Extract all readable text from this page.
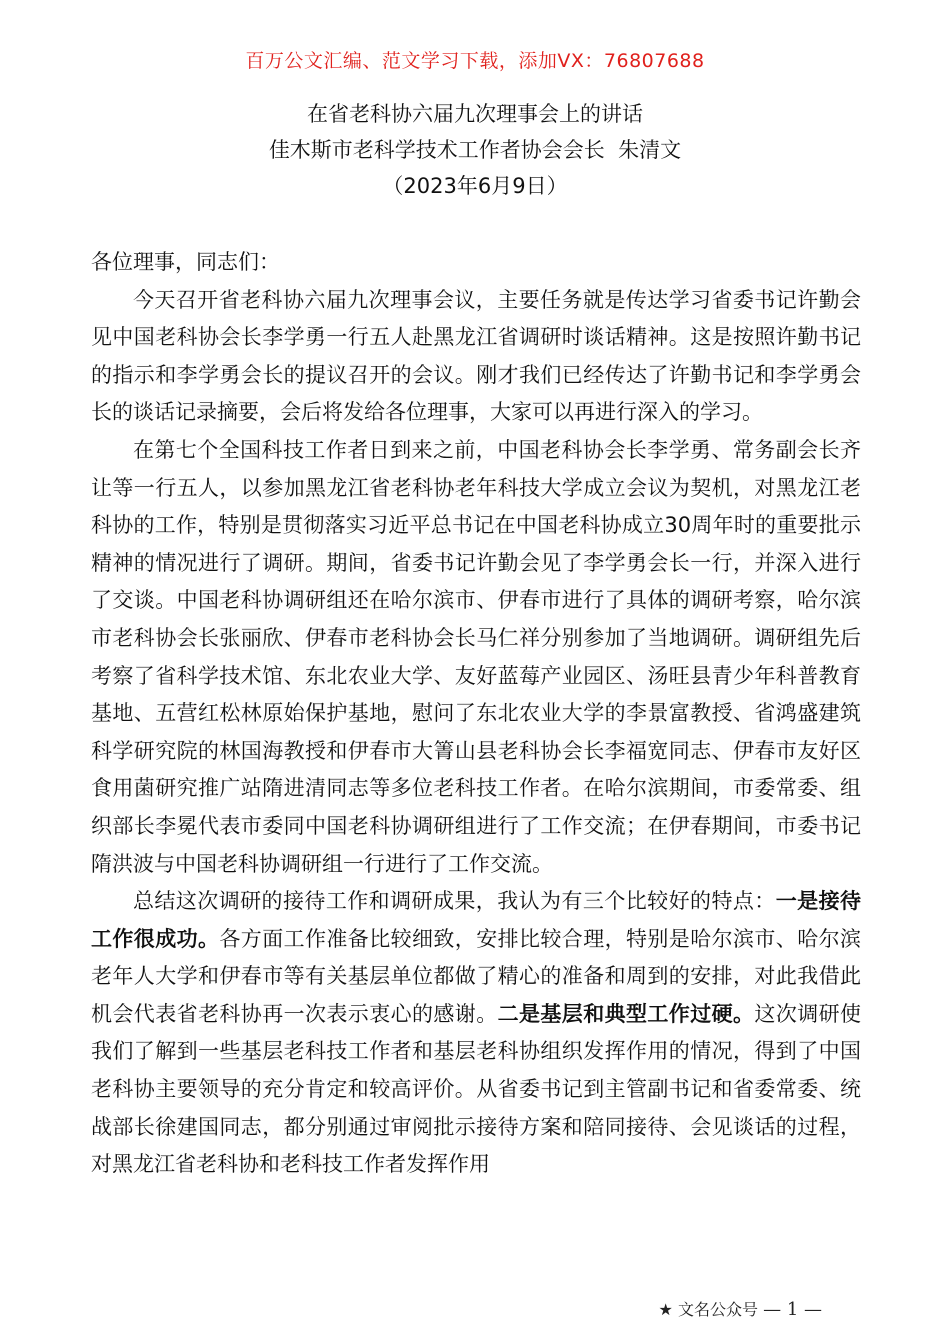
百万公文汇编、范文学习下载，添加VX：76807688
在省老科协六届九次理事会上的讲话
佳木斯市老科学技术工作者协会会长  朱清文
（2023年6月9日）

各位理事，同志们：

今天召开省老科协六届九次理事会议，主要任务就是传达学习省委书记许勤会见中国老科协会长李学勇一行五人赴黑龙江省调研时谈话精神。这是按照许勤书记的指示和李学勇会长的提议召开的会议。刚才我们已经传达了许勤书记和李学勇会长的谈话记录摘要，会后将发给各位理事，大家可以再进行深入的学习。

在第七个全国科技工作者日到来之前，中国老科协会长李学勇、常务副会长齐让等一行五人，以参加黑龙江省老科协老年科技大学成立会议为契机，对黑龙江老科协的工作，特别是贯彻落实习近平总书记在中国老科协成立30周年时的重要批示精神的情况进行了调研。期间，省委书记许勤会见了李学勇会长一行，并深入进行了交谈。中国老科协调研组还在哈尔滨市、伊春市进行了具体的调研考察，哈尔滨市老科协会长张丽欣、伊春市老科协会长马仁祥分别参加了当地调研。调研组先后考察了省科学技术馆、东北农业大学、友好蓝莓产业园区、汤旺县青少年科普教育基地、五营红松林原始保护基地，慰问了东北农业大学的李景富教授、省鸿盛建筑科学研究院的林国海教授和伊春市大箐山县老科协会长李福宽同志、伊春市友好区食用菌研究推广站隋进清同志等多位老科技工作者。在哈尔滨期间，市委常委、组织部长李冕代表市委同中国老科协调研组进行了工作交流；在伊春期间，市委书记隋洪波与中国老科协调研组一行进行了工作交流。

总结这次调研的接待工作和调研成果，我认为有三个比较好的特点：一是接待工作很成功。各方面工作准备比较细致，安排比较合理，特别是哈尔滨市、哈尔滨老年人大学和伊春市等有关基层单位都做了精心的准备和周到的安排，对此我借此机会代表省老科协再一次表示衷心的感谢。二是基层和典型工作过硬。这次调研使我们了解到一些基层老科技工作者和基层老科协组织发挥作用的情况，得到了中国老科协主要领导的充分肯定和较高评价。从省委书记到主管副书记和省委常委、统战部长徐建国同志，都分别通过审阅批示接待方案和陪同接待、会见谈话的过程，对黑龙江省老科协和老科技工作者发挥作用

★ 文名公众号 — 1 —
